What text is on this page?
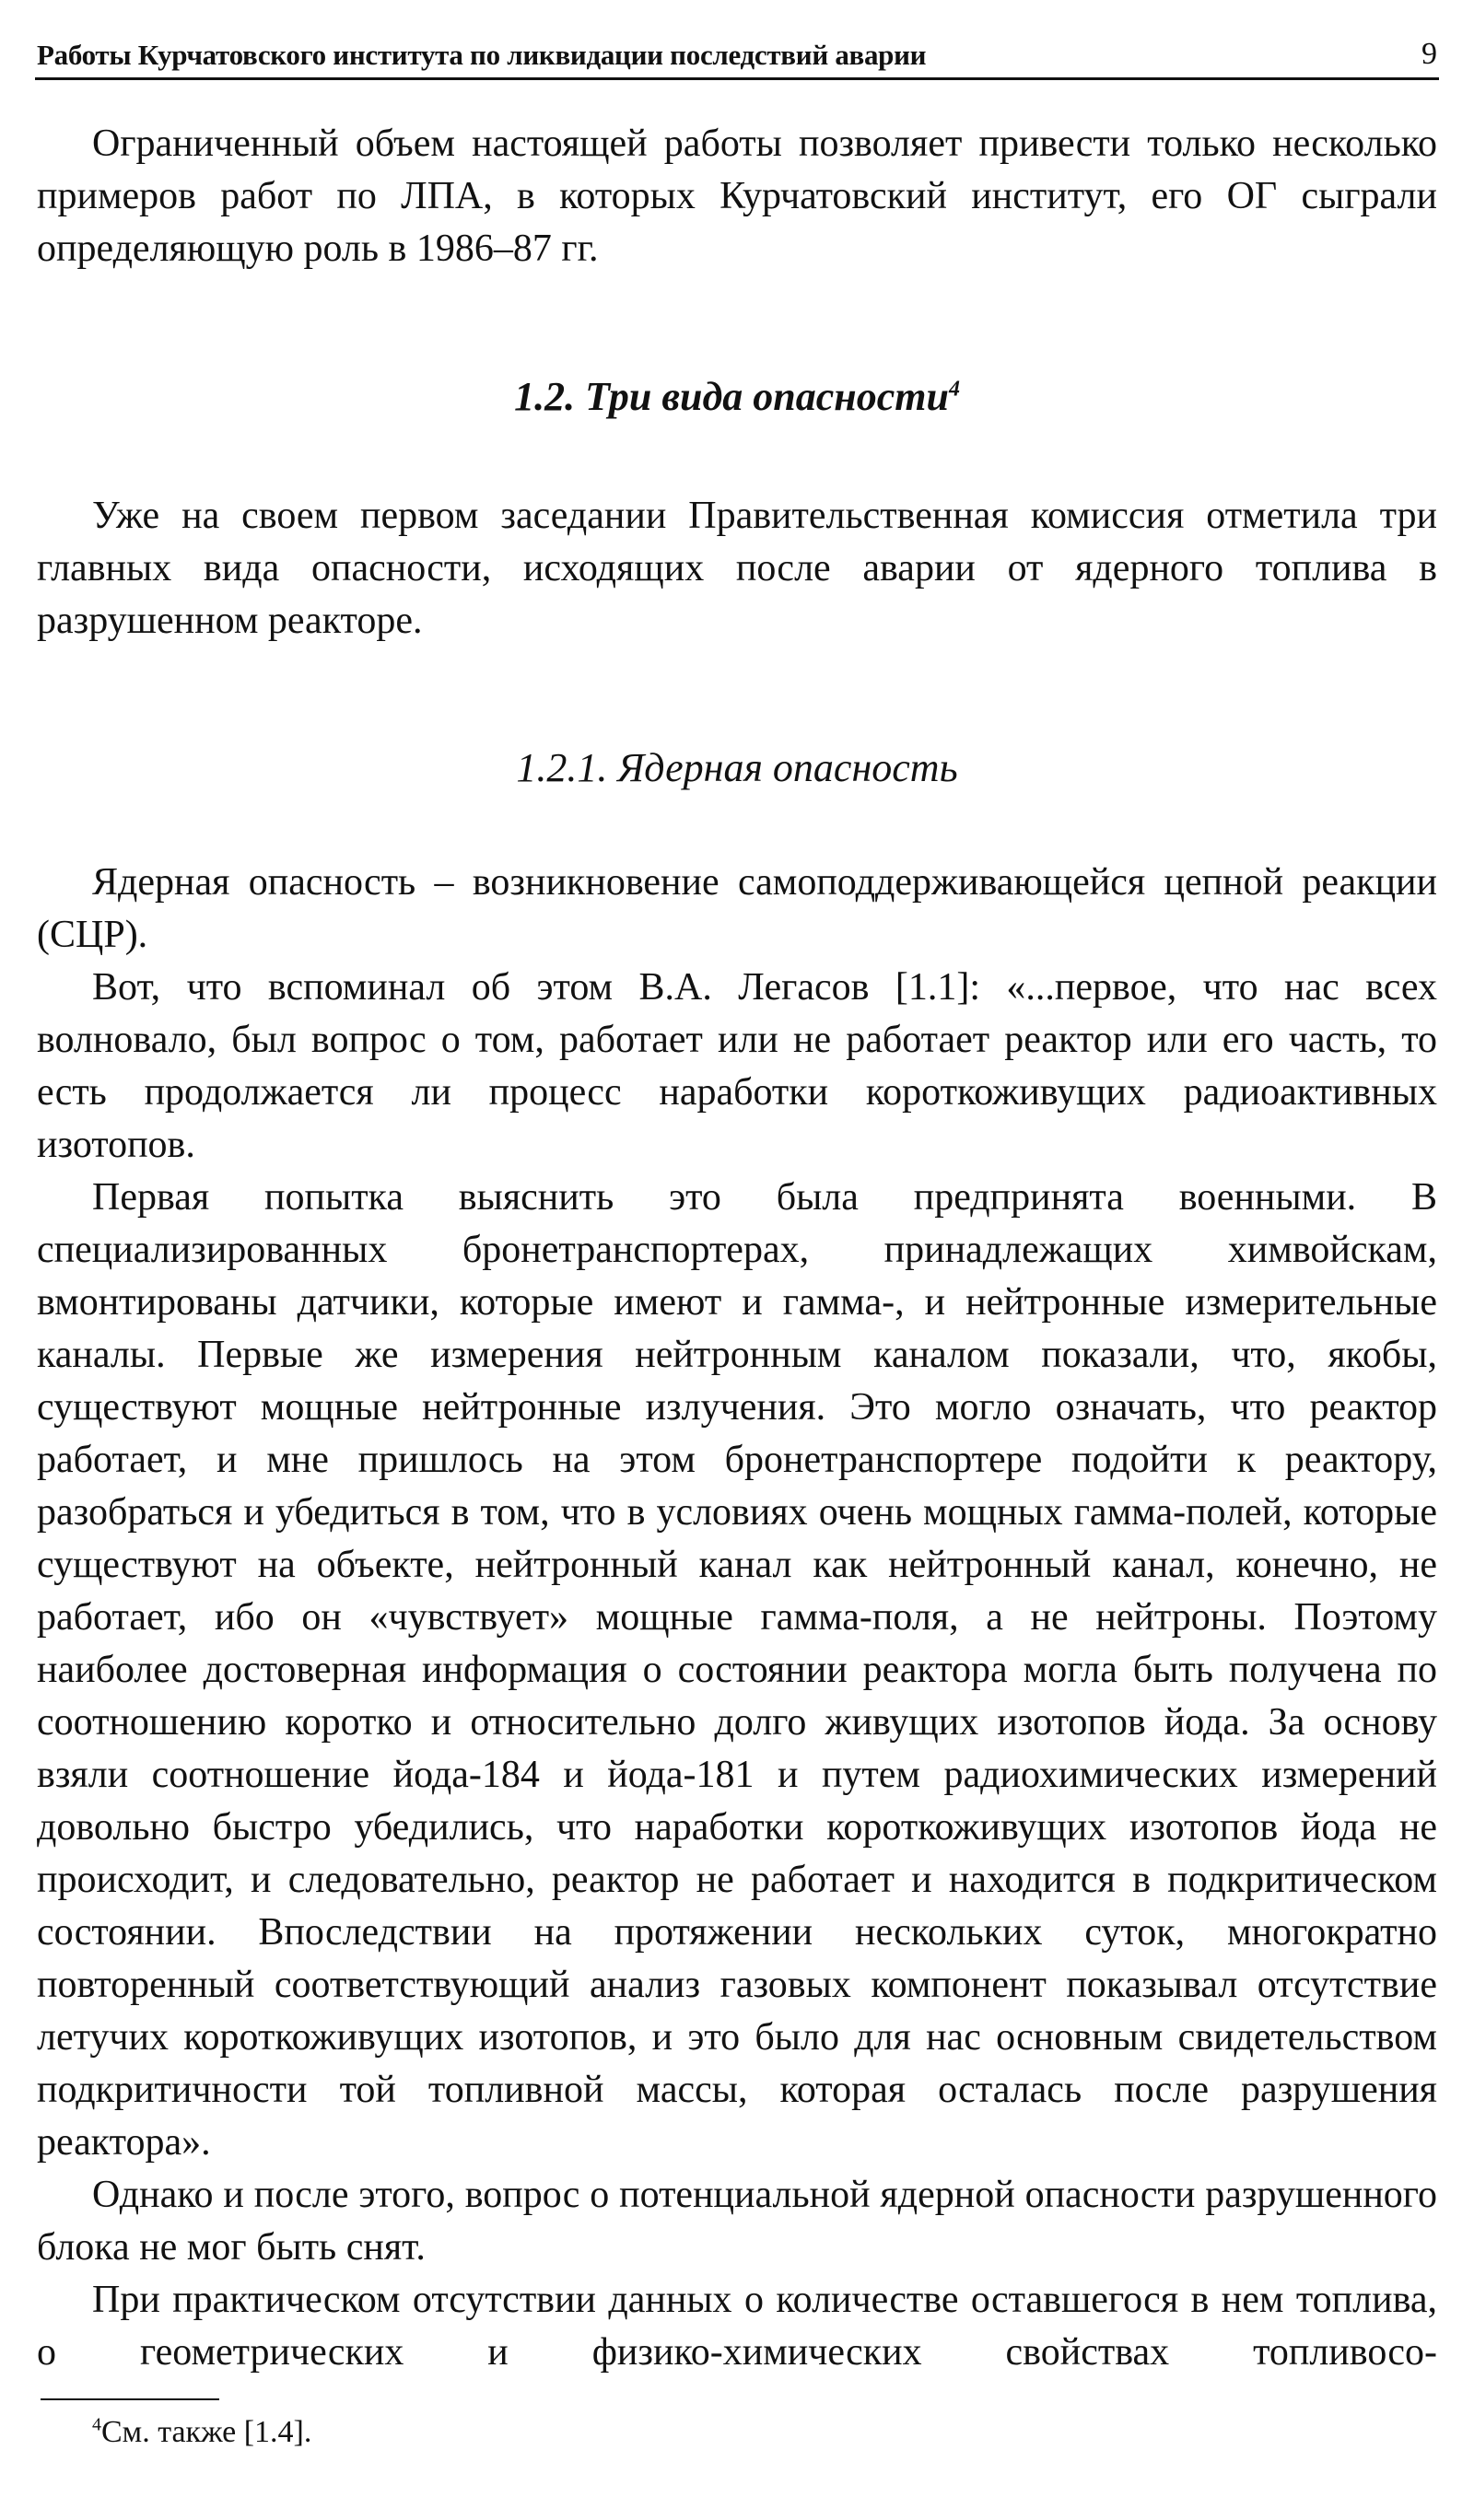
Работы Курчатовского института по ликвидации последствий аварии	9

Ограниченный объем настоящей работы позволяет привести только несколько примеров работ по ЛПА, в которых Курчатовский институт, его ОГ сыграли определяющую роль в 1986–87 гг.

1.2. Три вида опасности$^4$

Уже на своем первом заседании Правительственная комиссия отметила три главных вида опасности, исходящих после аварии от ядерного топлива в разрушенном реакторе.

1.2.1. Ядерная опасность

Ядерная опасность – возникновение самоподдерживающейся цепной реакции (СЦР).

Вот, что вспоминал об этом В.А. Легасов [1.1]: «...первое, что нас всех волновало, был вопрос о том, работает или не работает реактор или его часть, то есть продолжается ли процесс наработки короткоживущих радиоактивных изотопов.

Первая попытка выяснить это была предпринята военными. В специализированных бронетранспортерах, принадлежащих химвойскам, вмонтированы датчики, которые имеют и гамма-, и нейтронные измерительные каналы. Первые же измерения нейтронным каналом показали, что, якобы, существуют мощные нейтронные излучения. Это могло означать, что реактор работает, и мне пришлось на этом бронетранспортере подойти к реактору, разобраться и убедиться в том, что в условиях очень мощных гамма-полей, которые существуют на объекте, нейтронный канал как нейтронный канал, конечно, не работает, ибо он «чувствует» мощные гамма-поля, а не нейтроны. Поэтому наиболее достоверная информация о состоянии реактора могла быть получена по соотношению коротко и относительно долго живущих изотопов йода. За основу взяли соотношение йода-184 и йода-181 и путем радиохимических измерений довольно быстро убедились, что наработки короткоживущих изотопов йода не происходит, и следовательно, реактор не работает и находится в подкритическом состоянии. Впоследствии на протяжении нескольких суток, многократно повторенный соответствующий анализ газовых компонент показывал отсутствие летучих короткоживущих изотопов, и это было для нас основным свидетельством подкритичности той топливной массы, которая осталась после разрушения реактора».

Однако и после этого, вопрос о потенциальной ядерной опасности разрушенного блока не мог быть снят.

При практическом отсутствии данных о количестве оставшегося в нем топлива, о геометрических и физико-химических свойствах топливосо-

$^4$См. также [1.4].
